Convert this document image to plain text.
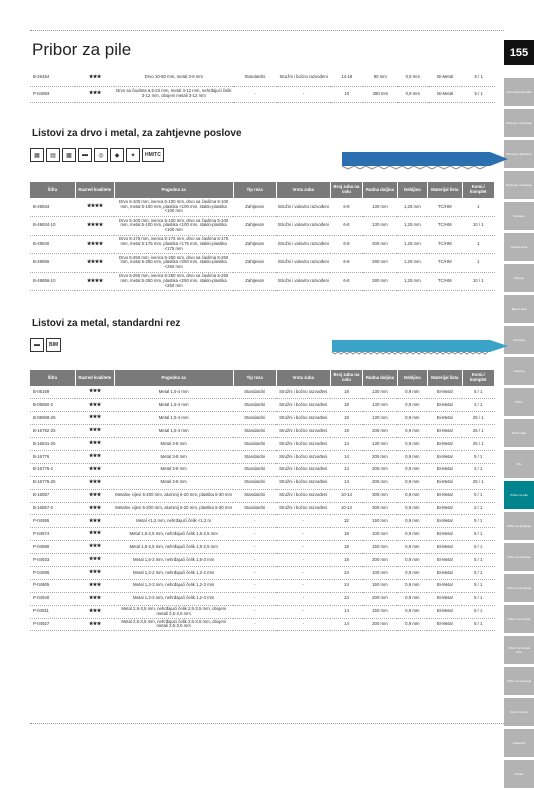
Pribor za pile	155
Akumulatorski alati
Bušenje i odvrtanje
Bušenje i dlijetanje
Brušenje i poliranje
Rezanje
Obrada drva
Piljenje
Mjerni alati
Glodanje
Oprema
Pribor
Ručni alati
Pile
Pribor za pile
Pribor za glodanje
Pribor za bušenje
Pribor za brušenje
Pribor za rezanje
Pribor za obradu drva
Pribor za mjerenje
Radni stolovi
Usisavači
Ostalo
B-26454	★★★	Drvo 10-50 mm, metal 3-8 mm	Standardni	Stružni i bočno razvođeni	14-18	80 mm	0,9 mm	Bi-Metal	5 / 1
P-04983	★★★	Drvo sa čavlima 6,5-23 mm, metal 3-12 mm, nehrđajući čelik 3-12 mm, obojeni metali 3-12 mm	-	-	10	280 mm	0,9 mm	Bi-Metal	5 / 1
Listovi za drvo i metal, za zahtjevne poslove
▦	▤	▩	▬	◎	◆	✦	HM/TC
Šifra	Razred kvalitete	Pogodno za	Tip reza	Vrsta zuba	Broj zuba na colu	Radna duljina	Debljina	Materijal lista	Komi./ komplet
B-49834	★★★★	Drvo 5-100 mm, iverica 5-100 mm, drvo sa čavlima 5-100 mm, metal 5-100 mm, plastika <100 mm, staklo-plastika <100 mm	Zahtjevan	Stružni i valovito razvođeni	6-8	130 mm	1,25 mm	TC/HM	1
B-49834-10	★★★★	Drvo 5-100 mm, iverica 5-100 mm, drvo sa čavlima 5-100 mm, metal 5-100 mm, plastika <100 mm, staklo-plastika <100 mm	Zahtjevan	Stružni i valovito razvođeni	6-8	130 mm	1,25 mm	TC/HM	10 / 1
B-49840	★★★★	Drvo 5-175 mm, iverica 5-175 mm, drvo sa čavlima 5-175 mm, metal 5-175 mm, plastika <175 mm, staklo-plastika <175 mm	Zahtjevan	Stružni i valovito razvođeni	6-8	205 mm	1,25 mm	TC/HM	1
B-49856	★★★★	Drvo 5-250 mm, iverica 5-250 mm, drvo sa čavlima 5-250 mm, metal 5-250 mm, plastika <250 mm, staklo-plastika <250 mm	Zahtjevan	Stružni i valovito razvođeni	6-8	280 mm	1,25 mm	TC/HM	1
B-49856-10	★★★★	Drvo 5-250 mm, iverica 5-250 mm, drvo sa čavlima 5-250 mm, metal 5-250 mm, plastika <250 mm, staklo-plastika <250 mm	Zahtjevan	Stružni i valovito razvođeni	6-8	280 mm	1,25 mm	TC/HM	10 / 1
Listovi za metal, standardni rez
▬	BIM
Šifra	Razred kvalitete	Pogodno za	Tip reza	Vrsta zuba	Broj zuba na colu	Radna duljina	Debljina	Materijal lista	Komi./ komplet
B-05169	★★★	Metal 1,5-4 mm	Standardni	Stružni i bočno razvođeni	18	130 mm	0,9 mm	Bi-Metal	5 / 1
B-05850-2	★★★	Metal 1,5-4 mm	Standardni	Stružni i bočno razvođeni	18	130 mm	0,9 mm	Bi-Metal	2 / 1
B-05969-25	★★★	Metal 1,5-4 mm	Standardni	Stružni i bočno razvođeni	18	130 mm	0,9 mm	Bi-Metal	25 / 1
B-16782-25	★★★	Metal 1,5-4 mm	Standardni	Stružni i bočno razvođeni	18	205 mm	0,9 mm	Bi-Metal	25 / 1
B-16841-25	★★★	Metal 3-8 mm	Standardni	Stružni i bočno razvođeni	14	130 mm	0,9 mm	Bi-Metal	25 / 1
B-16776	★★★	Metal 3-8 mm	Standardni	Stružni i bočno razvođeni	14	205 mm	0,9 mm	Bi-Metal	5 / 1
B-16776-2	★★★	Metal 3-8 mm	Standardni	Stružni i bočno razvođeni	14	205 mm	0,9 mm	Bi-Metal	2 / 1
B-16776-25	★★★	Metal 3-8 mm	Standardni	Stružni i bočno razvođeni	14	205 mm	0,9 mm	Bi-Metal	25 / 1
B-16857	★★★	Metalne cijevi 5-200 mm, aluminij 5-20 mm, plastika 5-30 mm	Standardni	Stružni i bočno razvođeni	10-14	305 mm	0,9 mm	Bi-Metal	5 / 1
B-16857-2	★★★	Metalne cijevi 5-200 mm, aluminij 5-20 mm, plastika 5-30 mm	Standardni	Stružni i bočno razvođeni	10-14	305 mm	0,9 mm	Bi-Metal	2 / 1
P-04955	★★★	Metal <1,2 mm, nehrđajući čelik <1,2 m	-	-	32	150 mm	0,9 mm	Bi-Metal	5 / 1
P-04874	★★★	Metal 1,5-2,5 mm, nehrđajući čelik 1,5-2,5 mm	-	-	18	100 mm	0,9 mm	Bi-Metal	5 / 1
P-04880	★★★	Metal 1,5-2,5 mm, nehrđajući čelik 1,5-2,5 mm	-	-	18	150 mm	0,9 mm	Bi-Metal	5 / 1
P-04933	★★★	Metal 1,5-3 mm, nehrđajući čelik 1,5-3 mm	-	-	18	200 mm	0,9 mm	Bi-Metal	5 / 1
P-04896	★★★	Metal 1,2-2 mm, nehrđajući čelik 1,2-2 mm	-	-	24	100 mm	0,9 mm	Bi-Metal	5 / 1
P-04905	★★★	Metal 1,2-3 mm, nehrđajući čelik 1,2-3 mm	-	-	24	150 mm	0,9 mm	Bi-Metal	5 / 1
P-04940	★★★	Metal 1,2-3 mm, nehrđajući čelik 1,2-3 mm	-	-	24	200 mm	0,9 mm	Bi-Metal	5 / 1
P-04911	★★★	Metal 2,5-3,5 mm, nehrđajući čelik 2,5-3,5 mm, obojeni metali 2,5-3,5 mm	-	-	14	150 mm	0,9 mm	Bi-Metal	5 / 1
P-04927	★★★	Metal 2,5-3,5 mm, nehrđajući čelik 2,5-3,5 mm, obojeni metali 2,5-3,5 mm	-	-	14	200 mm	0,9 mm	Bi-Metal	5 / 1
